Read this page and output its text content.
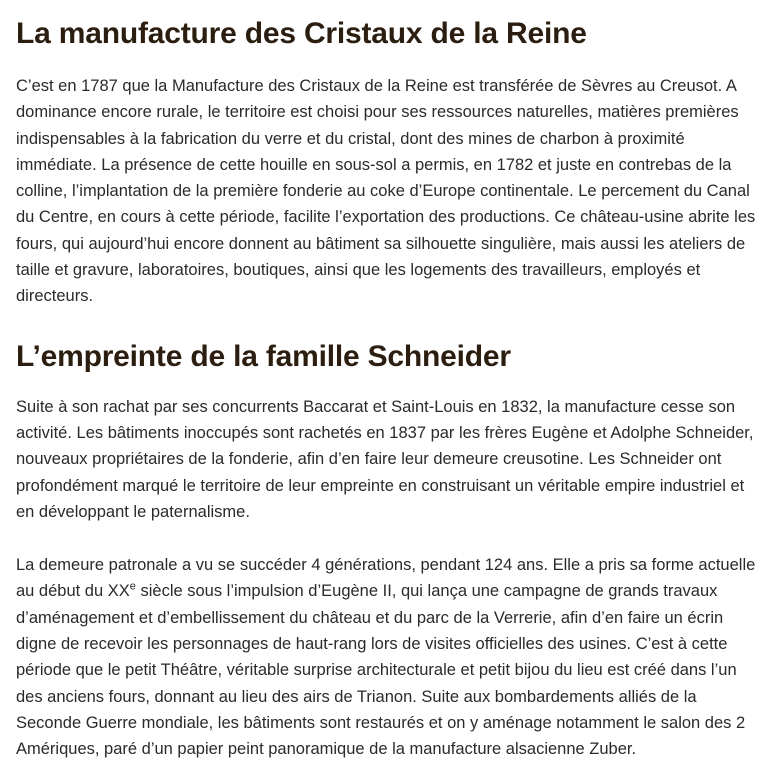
La manufacture des Cristaux de la Reine

C’est en 1787 que la Manufacture des Cristaux de la Reine est transférée de Sèvres au Creusot. A dominance encore rurale, le territoire est choisi pour ses ressources naturelles, matières premières indispensables à la fabrication du verre et du cristal, dont des mines de charbon à proximité immédiate. La présence de cette houille en sous-sol a permis, en 1782 et juste en contrebas de la colline, l’implantation de la première fonderie au coke d’Europe continentale. Le percement du Canal du Centre, en cours à cette période, facilite l’exportation des productions. Ce château-usine abrite les fours, qui aujourd’hui encore donnent au bâtiment sa silhouette singulière, mais aussi les ateliers de taille et gravure, laboratoires, boutiques, ainsi que les logements des travailleurs, employés et directeurs.

L’empreinte de la famille Schneider

Suite à son rachat par ses concurrents Baccarat et Saint-Louis en 1832, la manufacture cesse son activité. Les bâtiments inoccupés sont rachetés en 1837 par les frères Eugène et Adolphe Schneider, nouveaux propriétaires de la fonderie, afin d’en faire leur demeure creusotine. Les Schneider ont profondément marqué le territoire de leur empreinte en construisant un véritable empire industriel et en développant le paternalisme.

La demeure patronale a vu se succéder 4 générations, pendant 124 ans. Elle a pris sa forme actuelle au début du XXe siècle sous l’impulsion d’Eugène II, qui lança une campagne de grands travaux d’aménagement et d’embellissement du château et du parc de la Verrerie, afin d’en faire un écrin digne de recevoir les personnages de haut-rang lors de visites officielles des usines. C’est à cette période que le petit Théâtre, véritable surprise architecturale et petit bijou du lieu est créé dans l’un des anciens fours, donnant au lieu des airs de Trianon. Suite aux bombardements alliés de la Seconde Guerre mondiale, les bâtiments sont restaurés et on y aménage notamment le salon des 2 Amériques, paré d’un papier peint panoramique de la manufacture alsacienne Zuber.
